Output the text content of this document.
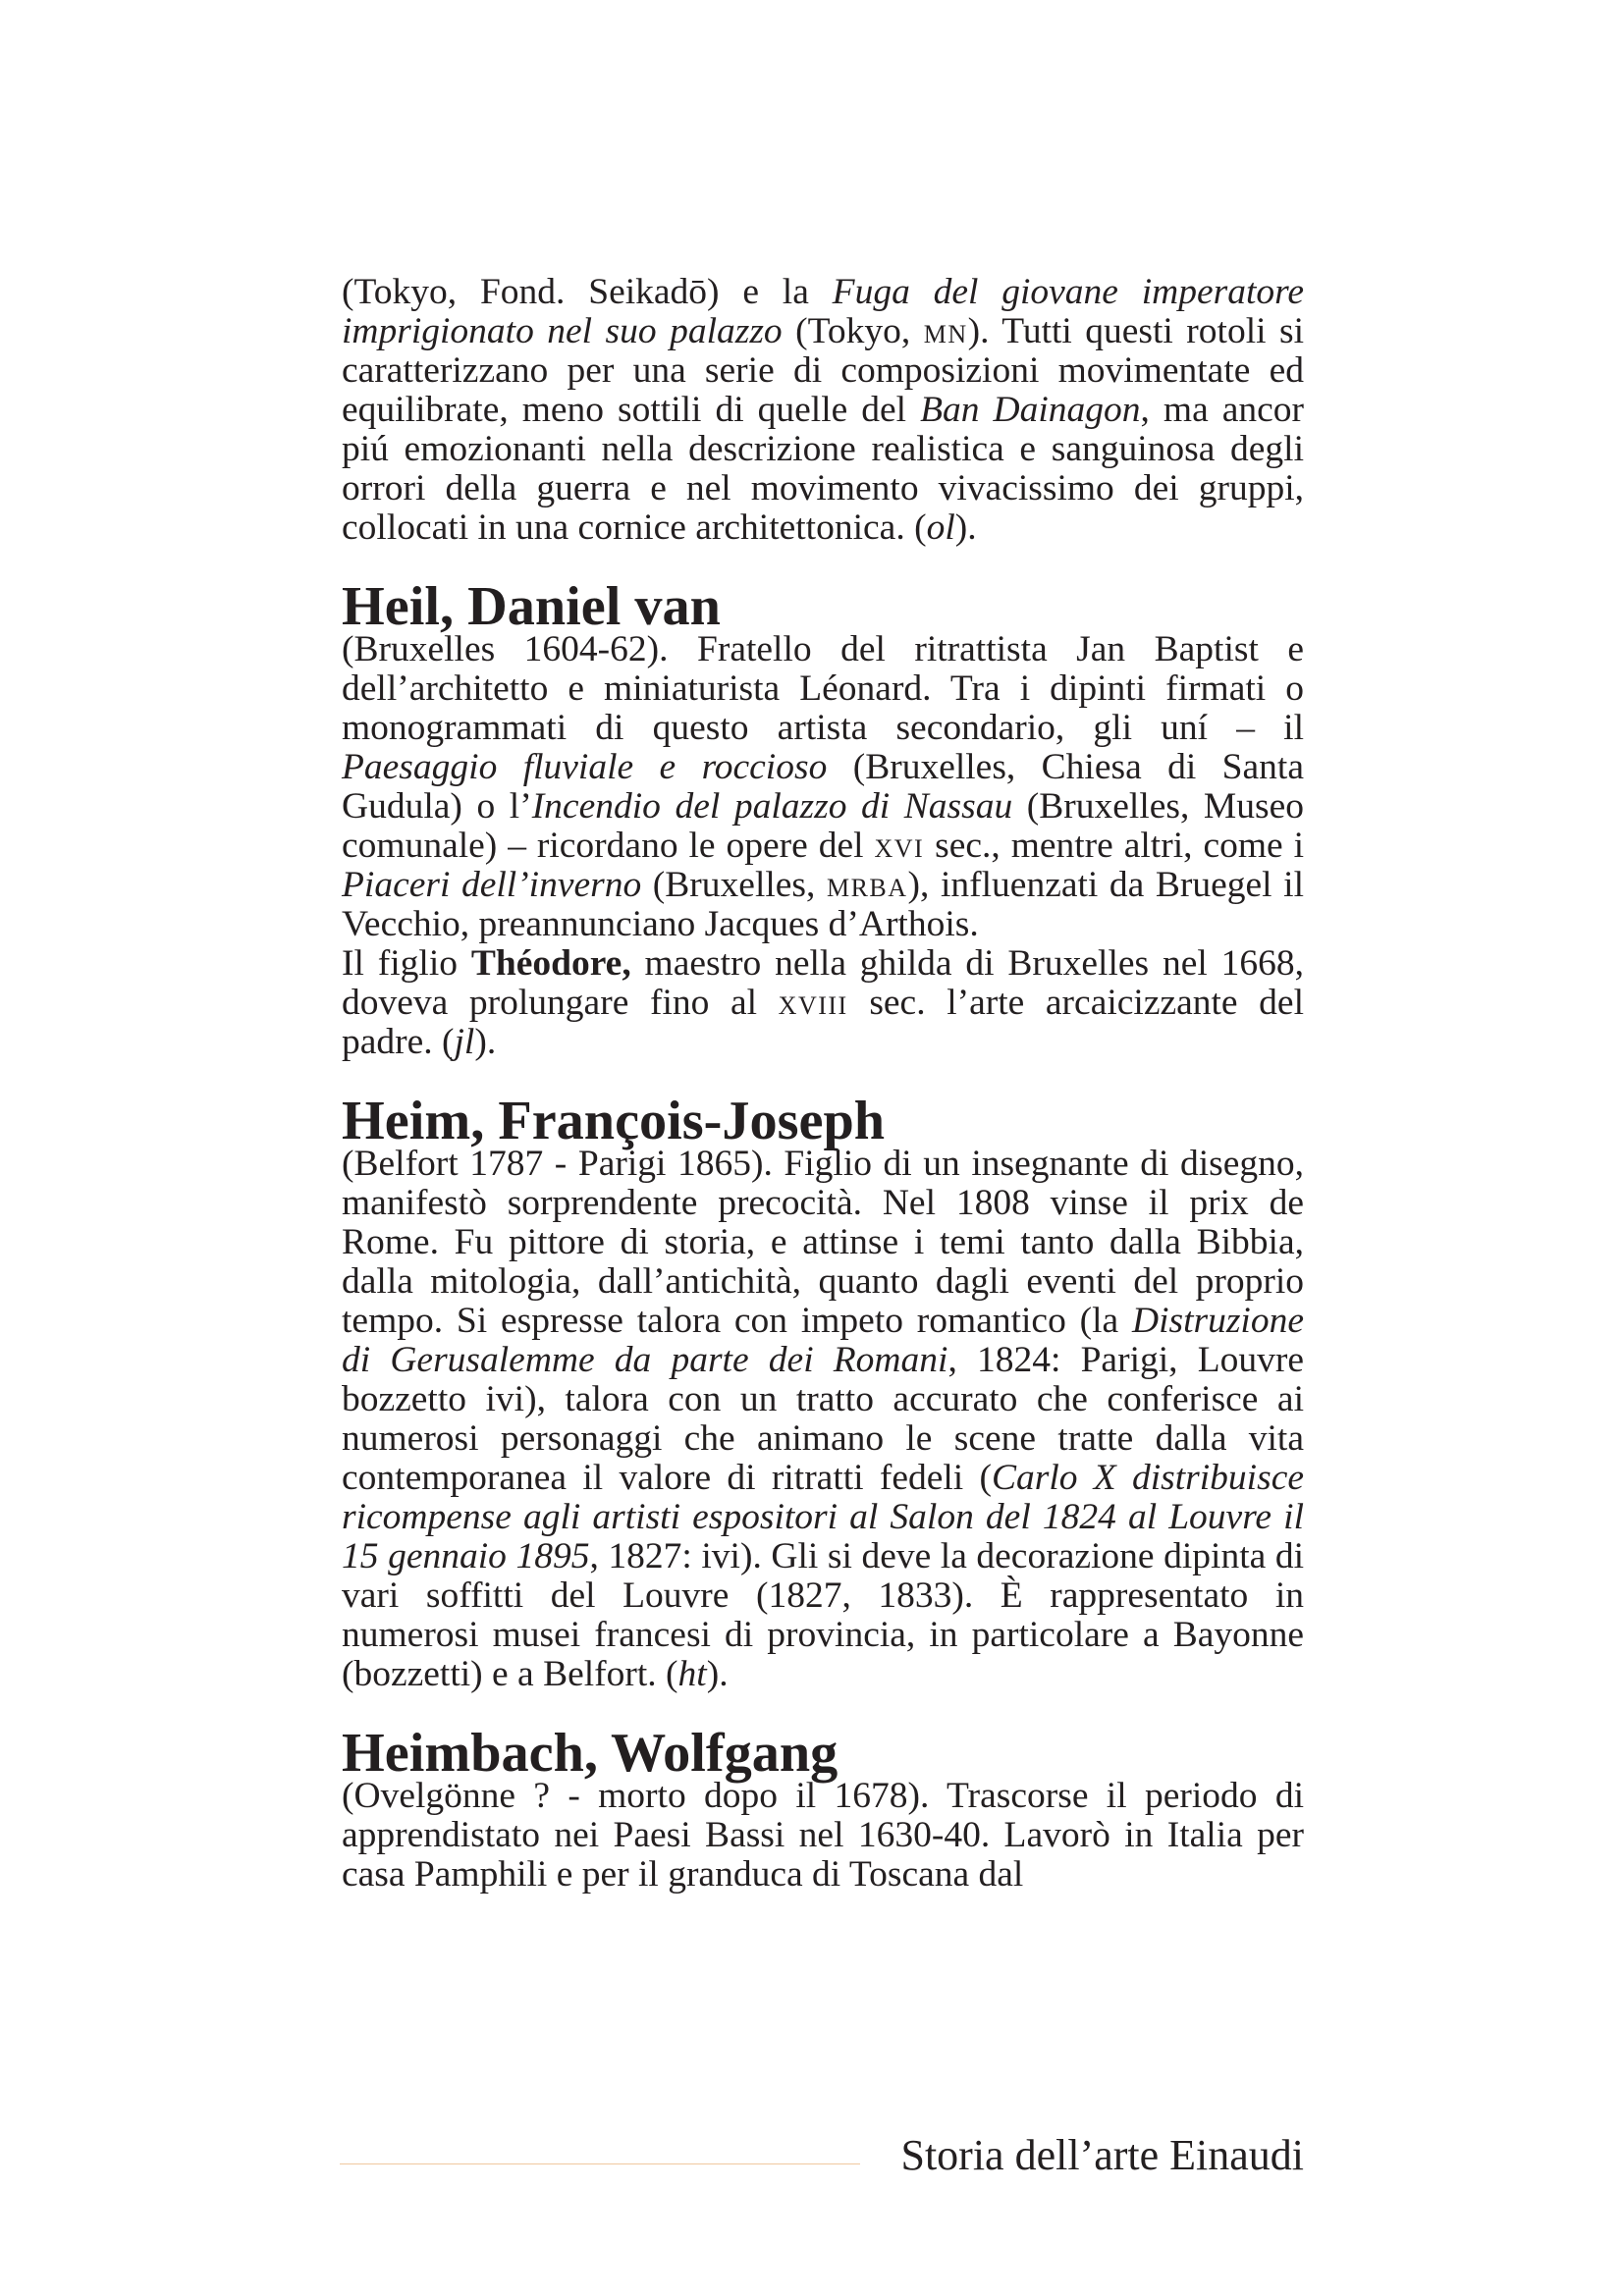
(Tokyo, Fond. Seikadō) e la Fuga del giovane imperatore imprigionato nel suo palazzo (Tokyo, mn). Tutti questi rotoli si caratterizzano per una serie di composizioni movimentate ed equilibrate, meno sottili di quelle del Ban Dainagon, ma ancor piú emozionanti nella descrizione realistica e sanguinosa degli orrori della guerra e nel movimento vivacissimo dei gruppi, collocati in una cornice architettonica. (ol).

Heil, Daniel van

(Bruxelles 1604-62). Fratello del ritrattista Jan Baptist e dell’architetto e miniaturista Léonard. Tra i dipinti firmati o monogrammati di questo artista secondario, gli uní – il Paesaggio fluviale e roccioso (Bruxelles, Chiesa di Santa Gudula) o l’Incendio del palazzo di Nassau (Bruxelles, Museo comunale) – ricordano le opere del xvi sec., mentre altri, come i Piaceri dell’inverno (Bruxelles, mrba), influenzati da Bruegel il Vecchio, preannunciano Jacques d’Arthois.

Il figlio Théodore, maestro nella ghilda di Bruxelles nel 1668, doveva prolungare fino al xviii sec. l’arte arcaicizzante del padre. (jl).

Heim, François-Joseph

(Belfort 1787 - Parigi 1865). Figlio di un insegnante di disegno, manifestò sorprendente precocità. Nel 1808 vinse il prix de Rome. Fu pittore di storia, e attinse i temi tanto dalla Bibbia, dalla mitologia, dall’antichità, quanto dagli eventi del proprio tempo. Si espresse talora con impeto romantico (la Distruzione di Gerusalemme da parte dei Romani, 1824: Parigi, Louvre bozzetto ivi), talora con un tratto accurato che conferisce ai numerosi personaggi che animano le scene tratte dalla vita contemporanea il valore di ritratti fedeli (Carlo X distribuisce ricompense agli artisti espositori al Salon del 1824 al Louvre il 15 gennaio 1895, 1827: ivi). Gli si deve la decorazione dipinta di vari soffitti del Louvre (1827, 1833). È rappresentato in numerosi musei francesi di provincia, in particolare a Bayonne (bozzetti) e a Belfort. (ht).

Heimbach, Wolfgang

(Ovelgönne ? - morto dopo il 1678). Trascorse il periodo di apprendistato nei Paesi Bassi nel 1630-40. Lavorò in Italia per casa Pamphili e per il granduca di Toscana dal

Storia dell’arte Einaudi
